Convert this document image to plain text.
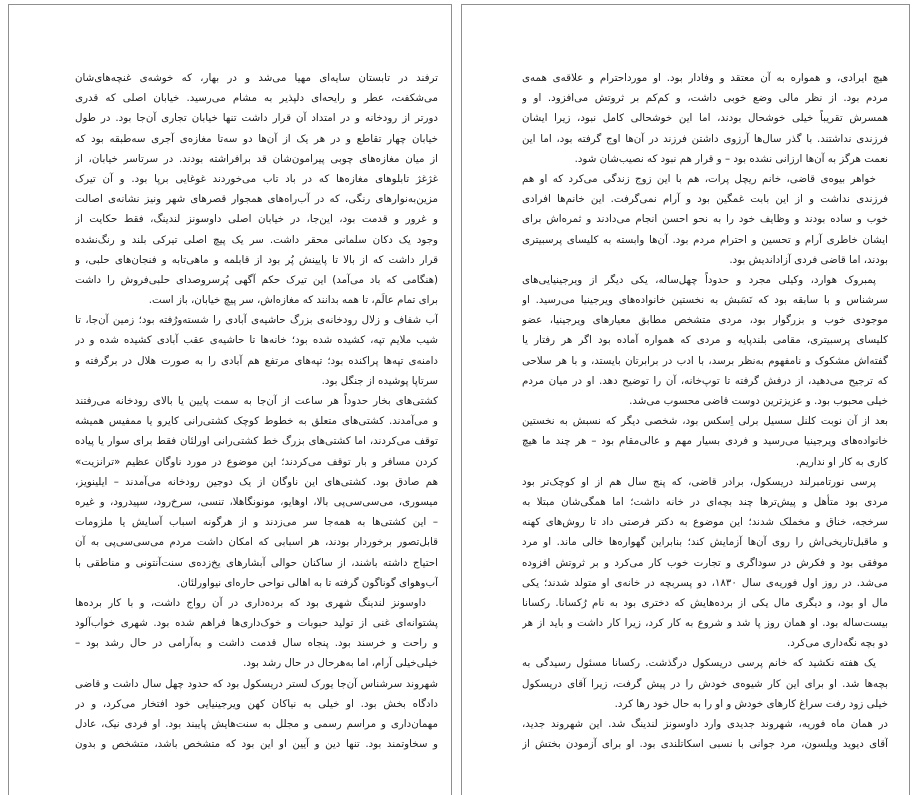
ترفند در تابستان سایه‌ای مهیا می‌شد و در بهار، که خوشه‌ی غنچه‌های‌شان
می‌شکفت، عطر و رایحه‌ای دلپذیر به مشام می‌رسید. خیابان اصلی که قدری
دورتر از رودخانه و در امتداد آن قرار داشت تنها خیابان تجاری آن‌جا بود. در طول
خیابان چهار تقاطع و در هر یک از آن‌ها دو سه‌تا مغازه‌ی آجری سه‌طبقه بود که
از میان مغازه‌های چوبی پیرامون‌شان قد برافراشته بودند. در سرتاسر خیابان، از
غژغژ تابلوهای مغازه‌ها که در باد تاب می‌خوردند غوغایی برپا بود. و آن تیرک
مزین‌به‌نوارهای رنگی، که در آب‌راه‌های همجوار قصرهای شهر ونیز نشانه‌ی اصالت
و غرور و قدمت بود، این‌جا، در خیابان اصلی داوسونز لندینگ، فقط حکایت از
وجود یک دکان سلمانی محقر داشت. سر یک پیچ اصلی تیرکی بلند و رنگ‌نشده
قرار داشت که از بالا تا پایینش پُر بود از قابلمه و ماهی‌تابه و فنجان‌های حلبی، و
(هنگامی که باد می‌آمد) این تیرک حکم آگهی پُرسروصدای حلبی‌فروش را داشت
برای تمام عالَم، تا همه بدانند که مغازه‌اش، سر پیچ خیابان، باز است.
آب شفاف و زلال رودخانه‌ی بزرگ حاشیه‌ی آبادی را شسته‌ورُفته بود؛ زمین آن‌جا، تا
شیب ملایم تپه، کشیده شده بود؛ خانه‌ها تا حاشیه‌ی عقب آبادی کشیده شده و در
دامنه‌ی تپه‌ها پراکنده بود؛ تپه‌های مرتفع هم آبادی را به صورت هلال در برگرفته و
سرتاپا پوشیده از جنگل بود.
کشتی‌های بخار حدوداً هر ساعت از آن‌جا به سمت پایین یا بالای رودخانه می‌رفتند
و می‌آمدند. کشتی‌های متعلق به خطوط کوچک کشتی‌رانی کایرو یا ممفیس همیشه
توقف می‌کردند، اما کشتی‌های بزرگ خط کشتی‌رانی اورلئان فقط برای سوار یا پیاده
کردن مسافر و بار توقف می‌کردند؛ این موضوع در مورد ناوگان عظیم «ترانزیت»
هم صادق بود. کشتی‌های این ناوگان از یک دوجین رودخانه می‌آمدند – ایلینویز،
میسوری، می‌سی‌سی‌پی بالا، اوهایو، مونونگاهلا، تنسی، سرخ‌رود، سپیدرود، و غیره
– این کشتی‌ها به همه‌جا سر می‌زدند و از هرگونه اسباب آسایش یا ملزومات
قابل‌تصور برخوردار بودند، هر اسبابی که امکان داشت مردم می‌سی‌سی‌پی به آن
احتیاج داشته باشند، از ساکنان حوالی آبشارهای یخ‌زده‌ی سنت‌آنتونی و مناطقی با
آب‌وهوای گوناگون گرفته تا به اهالی نواحی حاره‌ای نیواورلئان.
داوسونز لندینگ شهری بود که برده‌داری در آن رواج داشت، و با کار برده‌ها
پشتوانه‌ای غنی از تولید حبوبات و خوک‌داری‌ها فراهم شده بود. شهری خواب‌آلود
و راحت و خرسند بود. پنجاه سال قدمت داشت و به‌آرامی در حال رشد بود –
خیلی‌خیلی آرام، اما به‌هرحال در حال رشد بود.
شهروند سرشناس آن‌جا یورک لستر دریسکول بود که حدود چهل سال داشت و قاضی
دادگاه بخش بود. او خیلی به نیاکان کهن ویرجینیایی خود افتخار می‌کرد، و در
مهمان‌داری و مراسم رسمی و مجلل به سنت‌هایش پایبند بود. او فردی نیک، عادل
و سخاوتمند بود. تنها دین و آیین او این بود که متشخص باشد، متشخص و بدون
هیچ ایرادی، و همواره به آن معتقد و وفادار بود. او مورداحترام و علاقه‌ی همه‌ی
مردم بود. از نظر مالی وضع خوبی داشت، و کم‌کم بر ثروتش می‌افزود. او و
همسرش تقریباً خیلی خوشحال بودند، اما این خوشحالی کامل نبود، زیرا ایشان
فرزندی نداشتند. با گذر سال‌ها آرزوی داشتن فرزند در آن‌ها اوج گرفته بود، اما این
نعمت هرگز به آن‌ها ارزانی نشده بود – و قرار هم نبود که نصیب‌شان شود.
خواهر بیوه‌ی قاضی، خانم ریچل پرات، هم با این زوج زندگی می‌کرد که او هم
فرزندی نداشت و از این بابت غمگین بود و آرام نمی‌گرفت. این خانم‌ها افرادی
خوب و ساده بودند و وظایف خود را به نحو احسن انجام می‌دادند و ثمره‌اش برای
ایشان خاطری آرام و تحسین و احترام مردم بود. آن‌ها وابسته به کلیسای پرسبیتری
بودند، اما قاضی فردی آزاداندیش بود.
پمبروک هوارد، وکیلی مجرد و حدوداً چهل‌ساله، یکی دیگر از ویرجینیایی‌های
سرشناس و با سابقه بود که نَسَبش به نخستین خانواده‌های ویرجینیا می‌رسید. او
موجودی خوب و بزرگوار بود، مردی متشخص مطابق معیارهای ویرجینیا، عضو
کلیسای پرسبیتری، مقامی بلندپایه و مردی که همواره آماده بود اگر هر رفتار یا
گفته‌اش مشکوک و نامفهوم به‌نظر برسد، با ادب در برابرتان بایستد، و با هر سلاحی
که ترجیح می‌دهید، از درفش گرفته تا توپ‌خانه، آن را توضیح دهد. او در میان مردم
خیلی محبوب بود. و عزیزترین دوست قاضی محسوب می‌شد.
بعد از آن نوبت کلنل سسیل برلی اِسکس بود، شخصی دیگر که نسبش به نخستین
خانواده‌های ویرجینیا می‌رسید و فردی بسیار مهم و عالی‌مقام بود – هر چند ما هیچ
کاری به کار او نداریم.
پرسی نورتامبرلند دریسکول، برادر قاضی، که پنج سال هم از او کوچک‌تر بود
مردی بود متأهل و پیش‌ترها چند بچه‌ای در خانه داشت؛ اما همگی‌شان مبتلا به
سرخجه، خناق و مخملک شدند؛ این موضوع به دکتر فرصتی داد تا روش‌های کهنه
و ماقبل‌تاریخی‌اش را روی آن‌ها آزمایش کند؛ بنابراین گهواره‌ها خالی ماند. او مرد
موفقی بود و فکرش در سوداگری و تجارت خوب کار می‌کرد و بر ثروتش افزوده
می‌شد. در روز اول فوریه‌ی سال ۱۸۳۰، دو پسربچه در خانه‌ی او متولد شدند؛ یکی
مال او بود، و دیگری مال یکی از برده‌هایش که دختری بود به نام رُکسانا. رکسانا
بیست‌ساله بود. او همان روز پا شد و شروع به کار کرد، زیرا کار داشت و باید از هر
دو بچه نگه‌داری می‌کرد.
یک هفته نکشید که خانم پرسی دریسکول درگذشت. رکسانا مسئول رسیدگی به
بچه‌ها شد. او برای این کار شیوه‌ی خودش را در پیش گرفت، زیرا آقای دریسکول
خیلی زود رفت سراغ کارهای خودش و او را به حال خود رها کرد.
در همان ماه فوریه، شهروند جدیدی وارد داوسونز لندینگ شد. این شهروند جدید،
آقای دیوید ویلسون، مرد جوانی با نسبی اسکاتلندی بود. او برای آزمودن بختش از
